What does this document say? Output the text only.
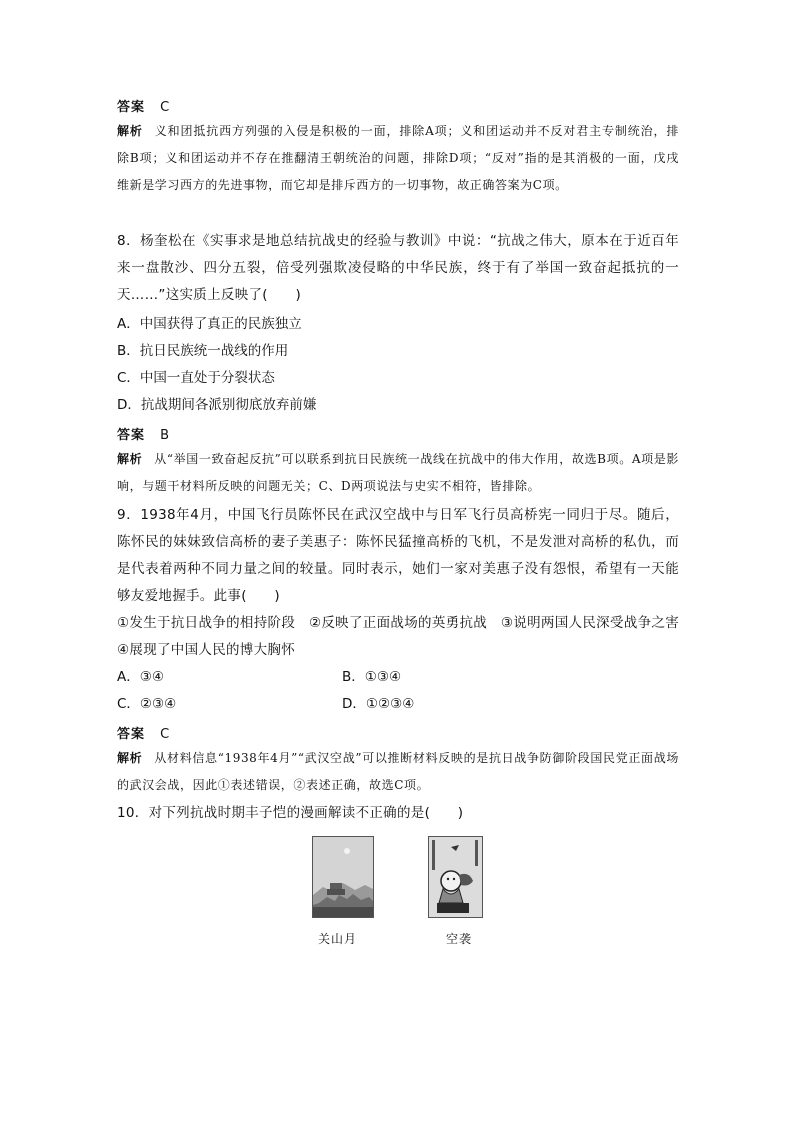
答案 C
解析 义和团抵抗西方列强的入侵是积极的一面，排除A项；义和团运动并不反对君主专制统治，排除B项；义和团运动并不存在推翻清王朝统治的问题，排除D项；“反对”指的是其消极的一面，戊戌维新是学习西方的先进事物，而它却是排斥西方的一切事物，故正确答案为C项。
8．杨奎松在《实事求是地总结抗战史的经验与教训》中说：“抗战之伟大，原本在于近百年来一盘散沙、四分五裂，倍受列强欺凌侵略的中华民族，终于有了举国一致奋起抵抗的一天……”这实质上反映了(　　)
A．中国获得了真正的民族独立
B．抗日民族统一战线的作用
C．中国一直处于分裂状态
D．抗战期间各派别彻底放弃前嫌
答案 B
解析 从“举国一致奋起反抗”可以联系到抗日民族统一战线在抗战中的伟大作用，故选B项。A项是影响，与题干材料所反映的问题无关；C、D两项说法与史实不相符，皆排除。
9．1938年4月，中国飞行员陈怀民在武汉空战中与日军飞行员高桥宪一同归于尽。随后，陈怀民的妹妹致信高桥的妻子美惠子：陈怀民猛撞高桥的飞机，不是发泄对高桥的私仇，而是代表着两种不同力量之间的较量。同时表示，她们一家对美惠子没有怨恨，希望有一天能够友爱地握手。此事(　　)
①发生于抗日战争的相持阶段　②反映了正面战场的英勇抗战　③说明两国人民深受战争之害　④展现了中国人民的博大胸怀
A．③④	B．①③④
C．②③④	D．①②③④
答案 C
解析 从材料信息“1938年4月”“武汉空战”可以推断材料反映的是抗日战争防御阶段国民党正面战场的武汉会战，因此①表述错误，②表述正确，故选C项。
10．对下列抗战时期丰子恺的漫画解读不正确的是(　　)
关山月	空袭
